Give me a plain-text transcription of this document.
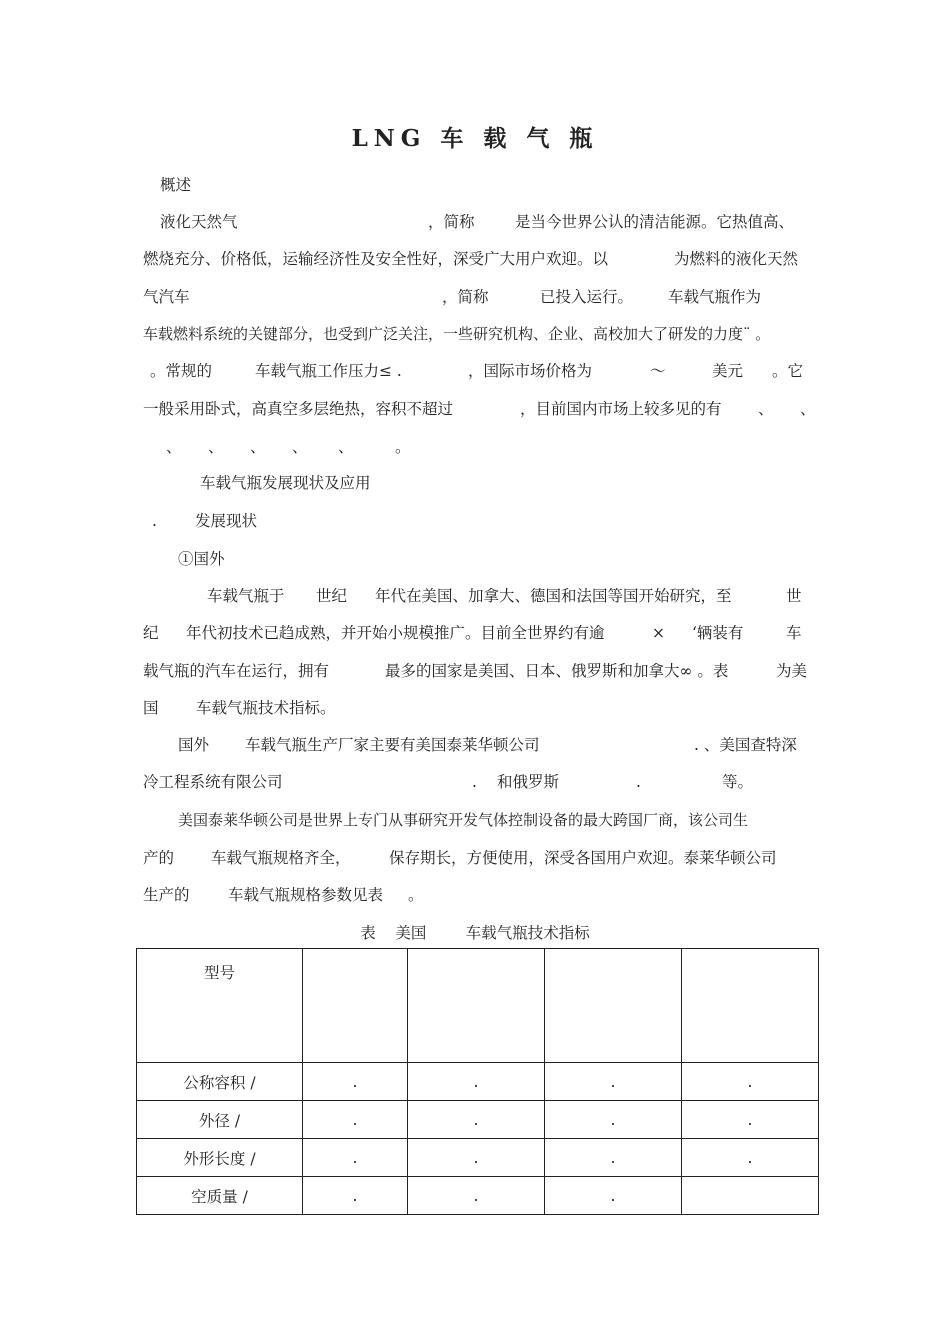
LNG 车 载 气 瓶
概述
液化天然气	，简称	是当今世界公认的清洁能源。它热值高、
燃烧充分、价格低，运输经济性及安全性好，深受广大用户欢迎。以	为燃料的液化天然
气汽车	，简称	已投入运行。 车载气瓶作为
车载燃料系统的关键部分，也受到广泛关注，一些研究机构、企业、高校加大了研发的力度¨ 。
。常规的	车载气瓶工作压力≤ .	，国际市场价格为	～	美元 。它
一般采用卧式，高真空多层绝热，容积不超过	，目前国内市场上较多见的有 、 、
、 、 、 、 、	。
车载气瓶发展现状及应用
. 发展现状
①国外
车载气瓶于 世纪 年代在美国、加拿大、德国和法国等国开始研究，至	世
纪 年代初技术已趋成熟，并开始小规模推广。目前全世界约有逾	× ‘辆装有	车
载气瓶的汽车在运行，拥有	最多的国家是美国、日本、俄罗斯和加拿大∞ 。表	为美
国 车载气瓶技术指标。
国外 车载气瓶生产厂家主要有美国泰莱华顿公司	. 、美国查特深
冷工程系统有限公司	. 和俄罗斯	.	等。
美国泰莱华顿公司是世界上专门从事研究开发气体控制设备的最大跨国厂商，该公司生
产的 车载气瓶规格齐全， 保存期长，方便使用，深受各国用户欢迎。泰莱华顿公司
生产的 车载气瓶规格参数见表 。
表    美国        车载气瓶技术指标
型号				
公称容积 /	.	.	.	.
外径 /	.	.	.	.
外形长度 /	.	.	.	.
空质量 /	.	.	.	
